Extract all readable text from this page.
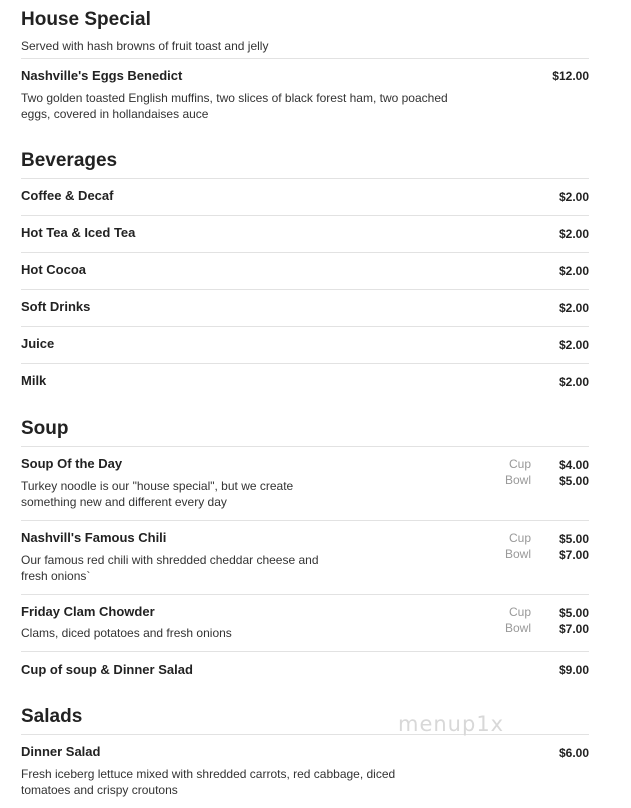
House Special
Served with hash browns of fruit toast and jelly
Nashville's Eggs Benedict	$12.00
Two golden toasted English muffins, two slices of black forest ham, two poached eggs, covered in hollandaises auce
Beverages
Coffee & Decaf	$2.00
Hot Tea & Iced Tea	$2.00
Hot Cocoa	$2.00
Soft Drinks	$2.00
Juice	$2.00
Milk	$2.00
Soup
Soup Of the Day	Cup $4.00
Bowl $5.00
Turkey noodle is our "house special", but we create something new and different every day
Nashvill's Famous Chili	Cup $5.00
Bowl $7.00
Our famous red chili with shredded cheddar cheese and fresh onions`
Friday Clam Chowder	Cup $5.00
Bowl $7.00
Clams, diced potatoes and fresh onions
Cup of soup & Dinner Salad	$9.00
Salads
Dinner Salad	$6.00
Fresh iceberg lettuce mixed with shredded carrots, red cabbage, diced tomatoes and crispy croutons
menup1x
